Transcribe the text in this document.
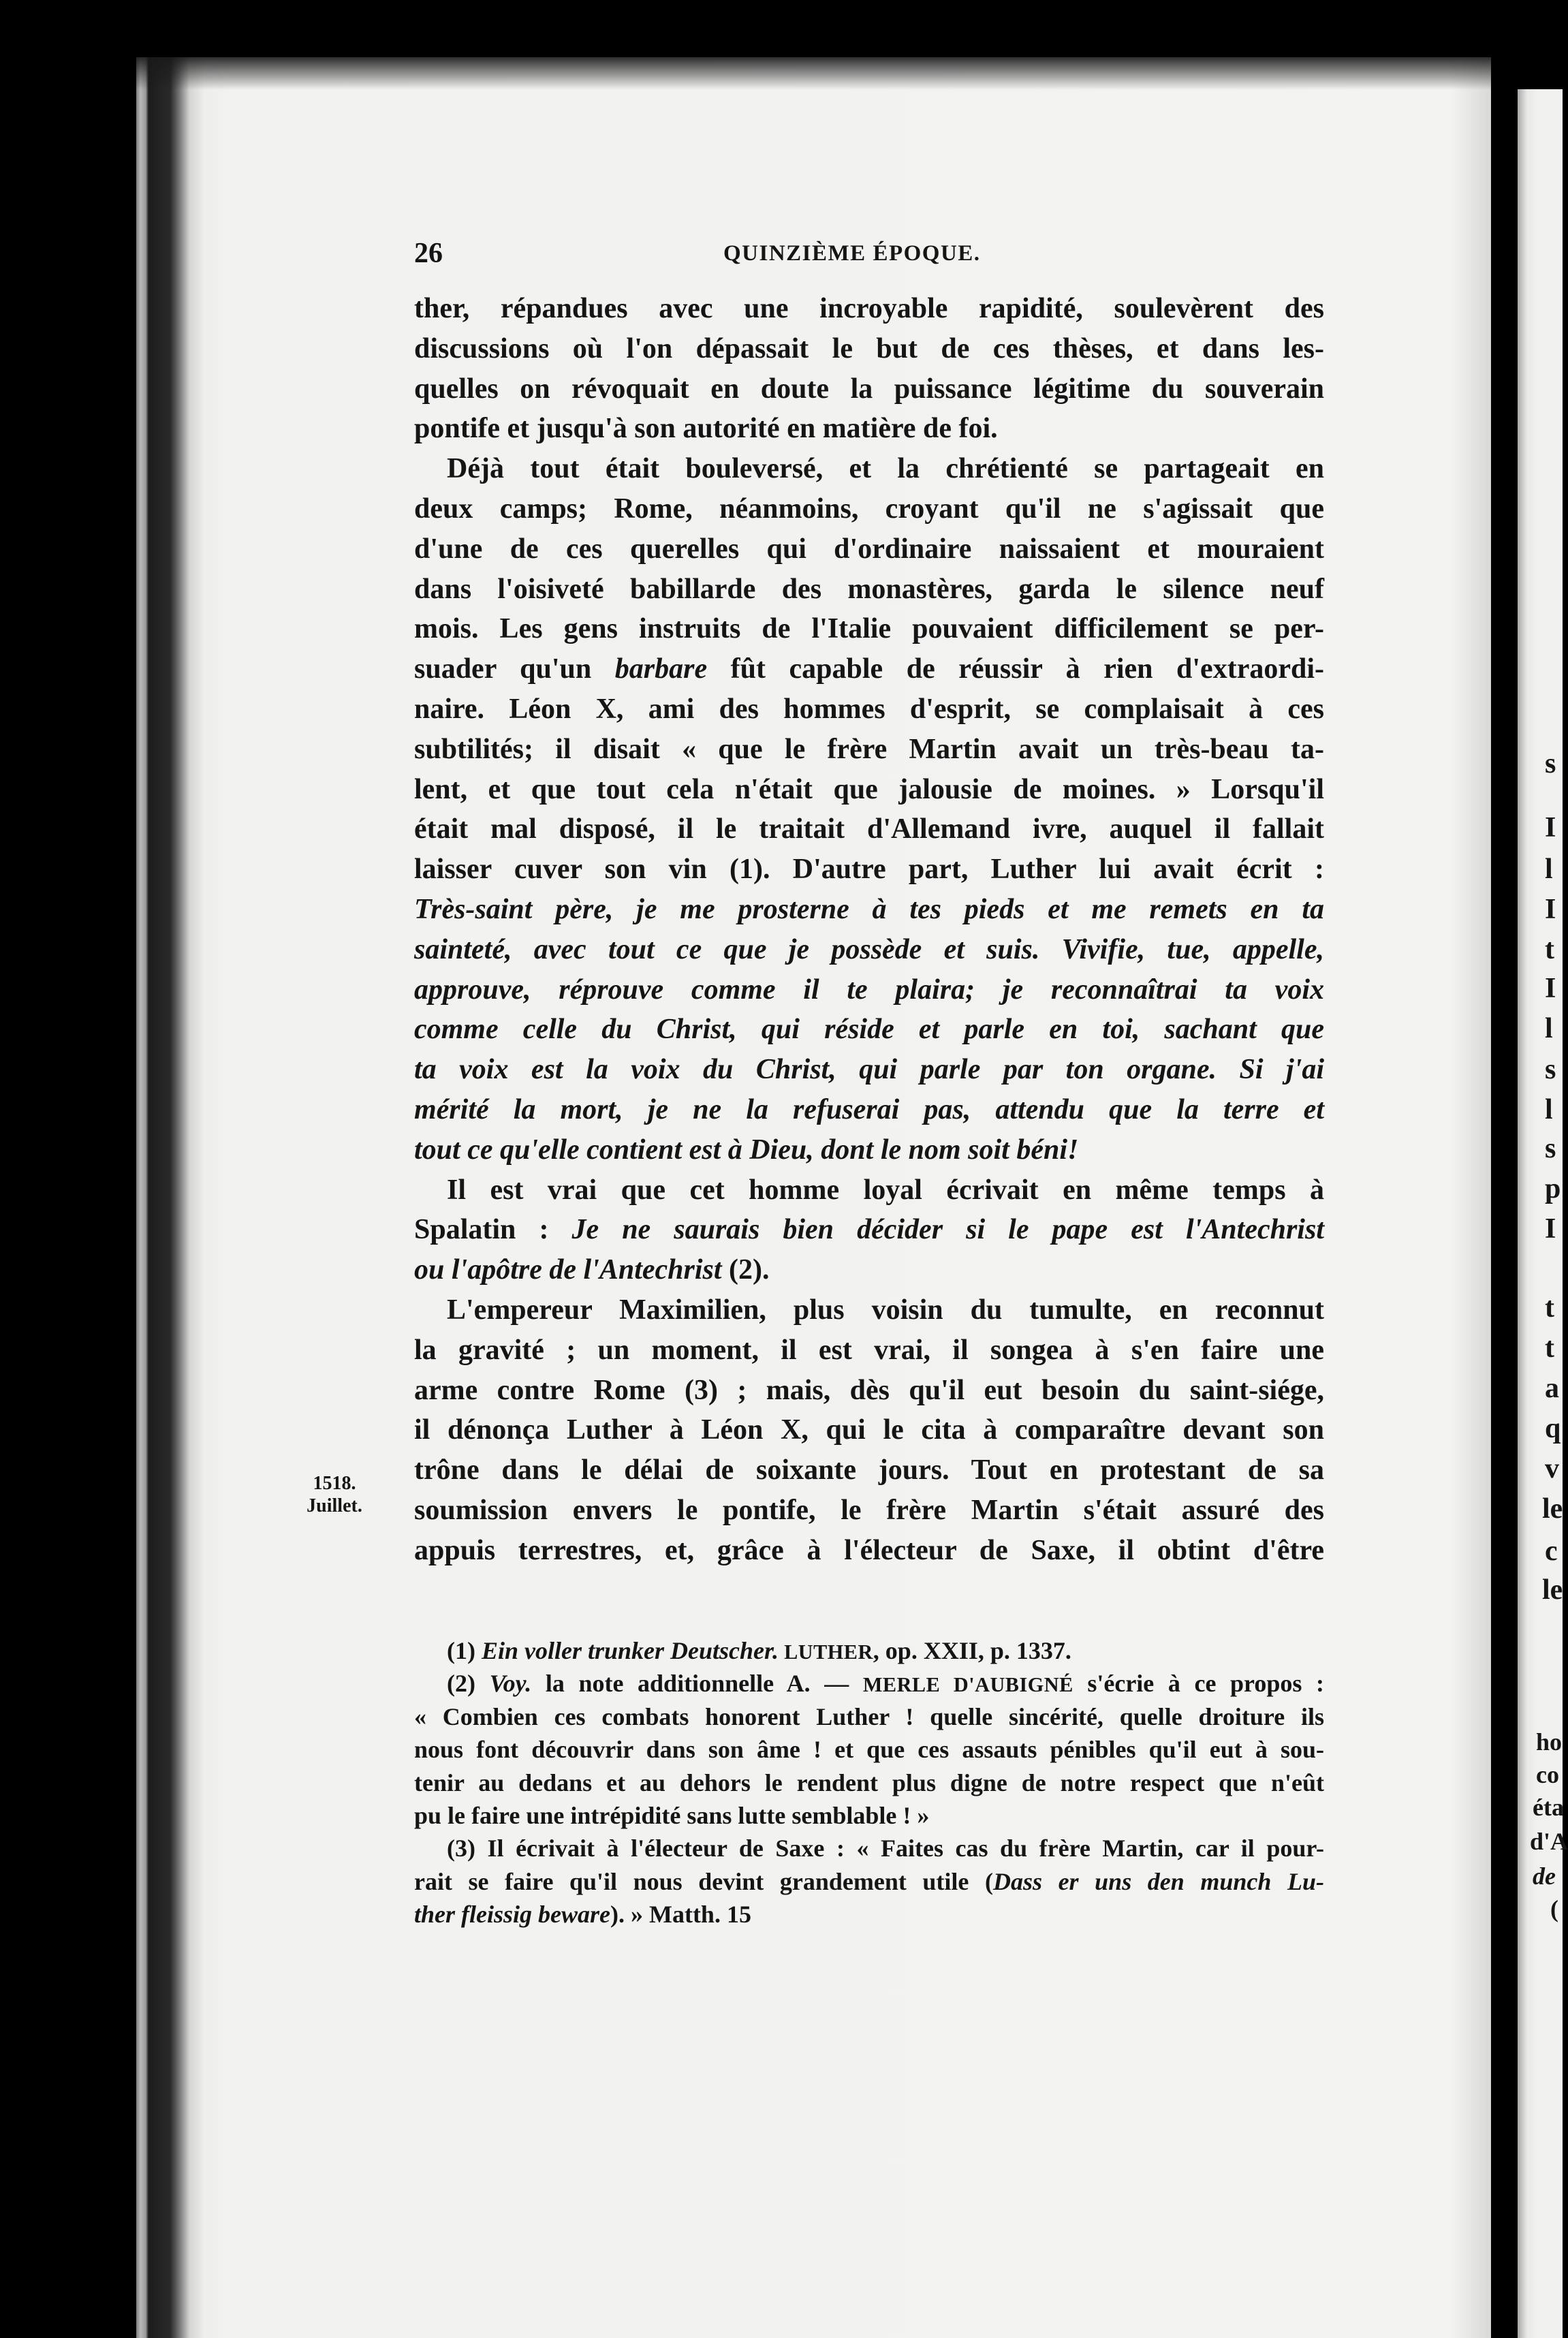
s
I
l
I
t
I
l
s
l
s
p
I
t
t
a
q
v
le
c
le
ho
co
éta
d'A
de
(
26	QUINZIÈME ÉPOQUE.
ther, répandues avec une incroyable rapidité, soulevèrent des
discussions où l'on dépassait le but de ces thèses, et dans les-
quelles on révoquait en doute la puissance légitime du souverain
pontife et jusqu'à son autorité en matière de foi.
Déjà tout était bouleversé, et la chrétienté se partageait en
deux camps; Rome, néanmoins, croyant qu'il ne s'agissait que
d'une de ces querelles qui d'ordinaire naissaient et mouraient
dans l'oisiveté babillarde des monastères, garda le silence neuf
mois. Les gens instruits de l'Italie pouvaient difficilement se per-
suader qu'un barbare fût capable de réussir à rien d'extraordi-
naire. Léon X, ami des hommes d'esprit, se complaisait à ces
subtilités; il disait « que le frère Martin avait un très-beau ta-
lent, et que tout cela n'était que jalousie de moines. » Lorsqu'il
était mal disposé, il le traitait d'Allemand ivre, auquel il fallait
laisser cuver son vin (1). D'autre part, Luther lui avait écrit :
Très-saint père, je me prosterne à tes pieds et me remets en ta
sainteté, avec tout ce que je possède et suis. Vivifie, tue, appelle,
approuve, réprouve comme il te plaira; je reconnaîtrai ta voix
comme celle du Christ, qui réside et parle en toi, sachant que
ta voix est la voix du Christ, qui parle par ton organe. Si j'ai
mérité la mort, je ne la refuserai pas, attendu que la terre et
tout ce qu'elle contient est à Dieu, dont le nom soit béni!
Il est vrai que cet homme loyal écrivait en même temps à
Spalatin : Je ne saurais bien décider si le pape est l'Antechrist
ou l'apôtre de l'Antechrist (2).
L'empereur Maximilien, plus voisin du tumulte, en reconnut
la gravité ; un moment, il est vrai, il songea à s'en faire une
arme contre Rome (3) ; mais, dès qu'il eut besoin du saint-siége,
il dénonça Luther à Léon X, qui le cita à comparaître devant son
trône dans le délai de soixante jours. Tout en protestant de sa
soumission envers le pontife, le frère Martin s'était assuré des
appuis terrestres, et, grâce à l'électeur de Saxe, il obtint d'être
1518.
Juillet.
(1) Ein voller trunker Deutscher. LUTHER, op. XXII, p. 1337.
(2) Voy. la note additionnelle A. — MERLE D'AUBIGNÉ s'écrie à ce propos :
« Combien ces combats honorent Luther ! quelle sincérité, quelle droiture ils
nous font découvrir dans son âme ! et que ces assauts pénibles qu'il eut à sou-
tenir au dedans et au dehors le rendent plus digne de notre respect que n'eût
pu le faire une intrépidité sans lutte semblable ! »
(3) Il écrivait à l'électeur de Saxe : « Faites cas du frère Martin, car il pour-
rait se faire qu'il nous devint grandement utile (Dass er uns den munch Lu-
ther fleissig beware). » Matth. 15
